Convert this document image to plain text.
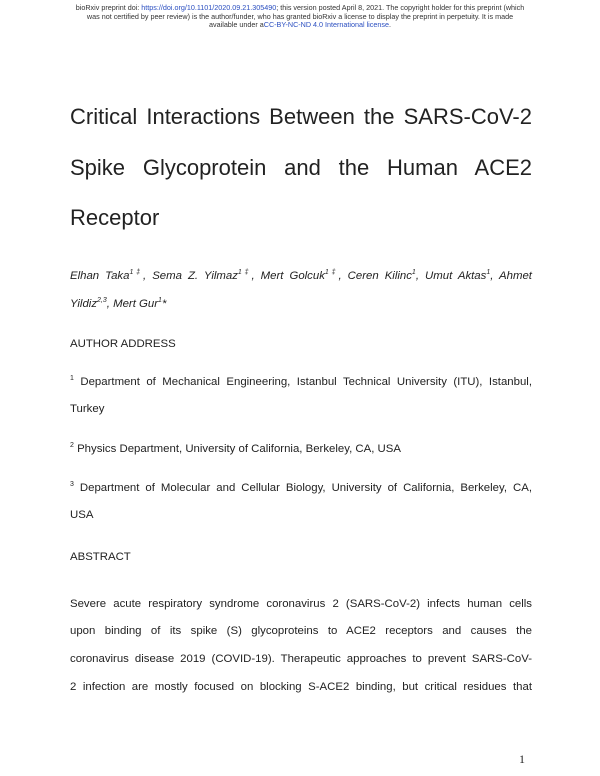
bioRxiv preprint doi: https://doi.org/10.1101/2020.09.21.305490; this version posted April 8, 2021. The copyright holder for this preprint (which
was not certified by peer review) is the author/funder, who has granted bioRxiv a license to display the preprint in perpetuity. It is made
available under aCC-BY-NC-ND 4.0 International license.
Critical Interactions Between the SARS-CoV-2
Spike Glycoprotein and the Human ACE2
Receptor
Elhan Taka$^{1\ddagger}$, Sema Z. Yilmaz$^{1\ddagger}$, Mert Golcuk$^{1\ddagger}$, Ceren Kilinc$^1$, Umut Aktas$^1$, Ahmet
Yildiz$^{2,3}$, Mert Gur$^1$*
AUTHOR ADDRESS
$^1$ Department of Mechanical Engineering, Istanbul Technical University (ITU), Istanbul,
Turkey
$^2$ Physics Department, University of California, Berkeley, CA, USA
$^3$ Department of Molecular and Cellular Biology, University of California, Berkeley, CA,
USA
ABSTRACT
Severe acute respiratory syndrome coronavirus 2 (SARS-CoV-2) infects human cells
upon binding of its spike (S) glycoproteins to ACE2 receptors and causes the
coronavirus disease 2019 (COVID-19). Therapeutic approaches to prevent SARS-CoV-
2 infection are mostly focused on blocking S-ACE2 binding, but critical residues that
1
